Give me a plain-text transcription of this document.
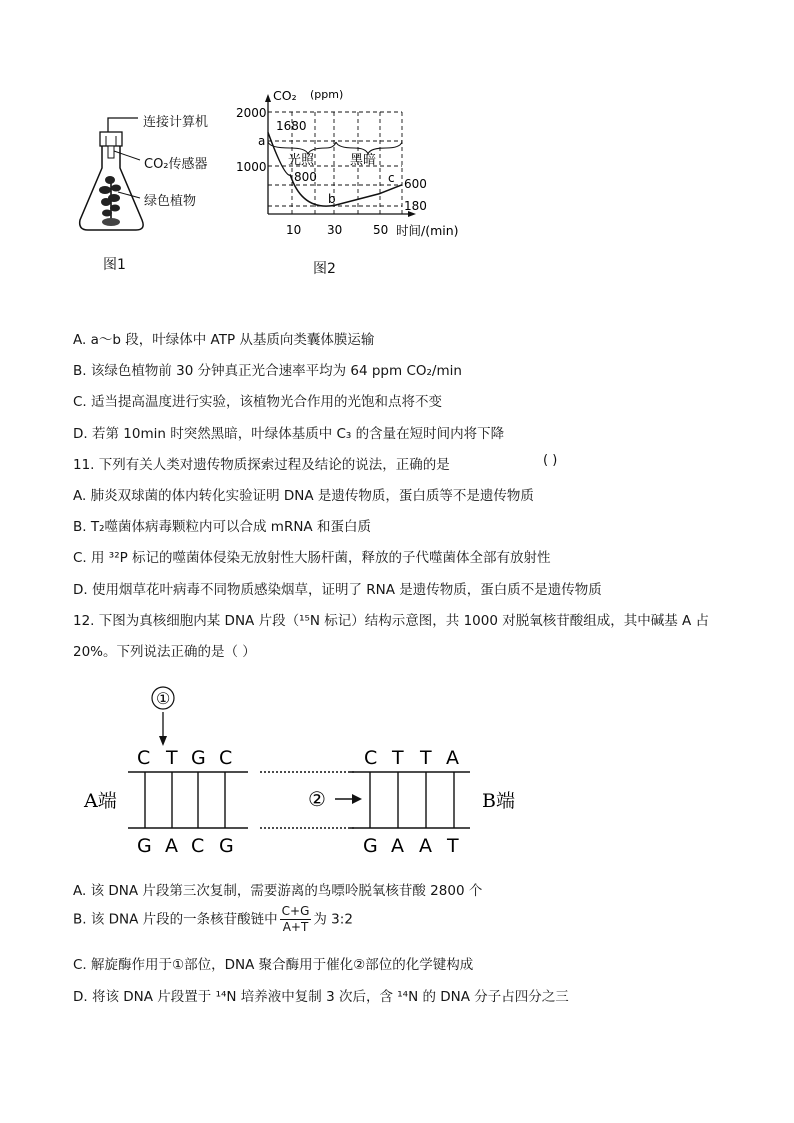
连接计算机
CO₂传感器
绿色植物
图1
2000
1000
a
1680
800
b
c 600
180
光照	黑暗
10 30	50 时间/(min)
CO₂ (ppm)
图2
A. a～b 段，叶绿体中 ATP 从基质向类囊体膜运输
B. 该绿色植物前 30 分钟真正光合速率平均为 64 ppm CO₂/min
C. 适当提高温度进行实验，该植物光合作用的光饱和点将不变
D. 若第 10min 时突然黑暗，叶绿体基质中 C₃ 的含量在短时间内将下降
11. 下列有关人类对遗传物质探索过程及结论的说法，正确的是	( )
A. 肺炎双球菌的体内转化实验证明 DNA 是遗传物质，蛋白质等不是遗传物质
B. T₂噬菌体病毒颗粒内可以合成 mRNA 和蛋白质
C. 用 ³²P 标记的噬菌体侵染无放射性大肠杆菌，释放的子代噬菌体全部有放射性
D. 使用烟草花叶病毒不同物质感染烟草，证明了 RNA 是遗传物质，蛋白质不是遗传物质
12. 下图为真核细胞内某 DNA 片段（¹⁵N 标记）结构示意图，共 1000 对脱氧核苷酸组成，其中碱基 A 占
20%。下列说法正确的是（ ）
①
②
A端	B端
C T G C
G A C G
C T T A
G A A T
A. 该 DNA 片段第三次复制，需要游离的鸟嘌呤脱氧核苷酸 2800 个
B. 该 DNA 片段的一条核苷酸链中 $\frac{C+G}{A+T}$ 为 3:2
C. 解旋酶作用于①部位，DNA 聚合酶用于催化②部位的化学键构成
D. 将该 DNA 片段置于 ¹⁴N 培养液中复制 3 次后，含 ¹⁴N 的 DNA 分子占四分之三
